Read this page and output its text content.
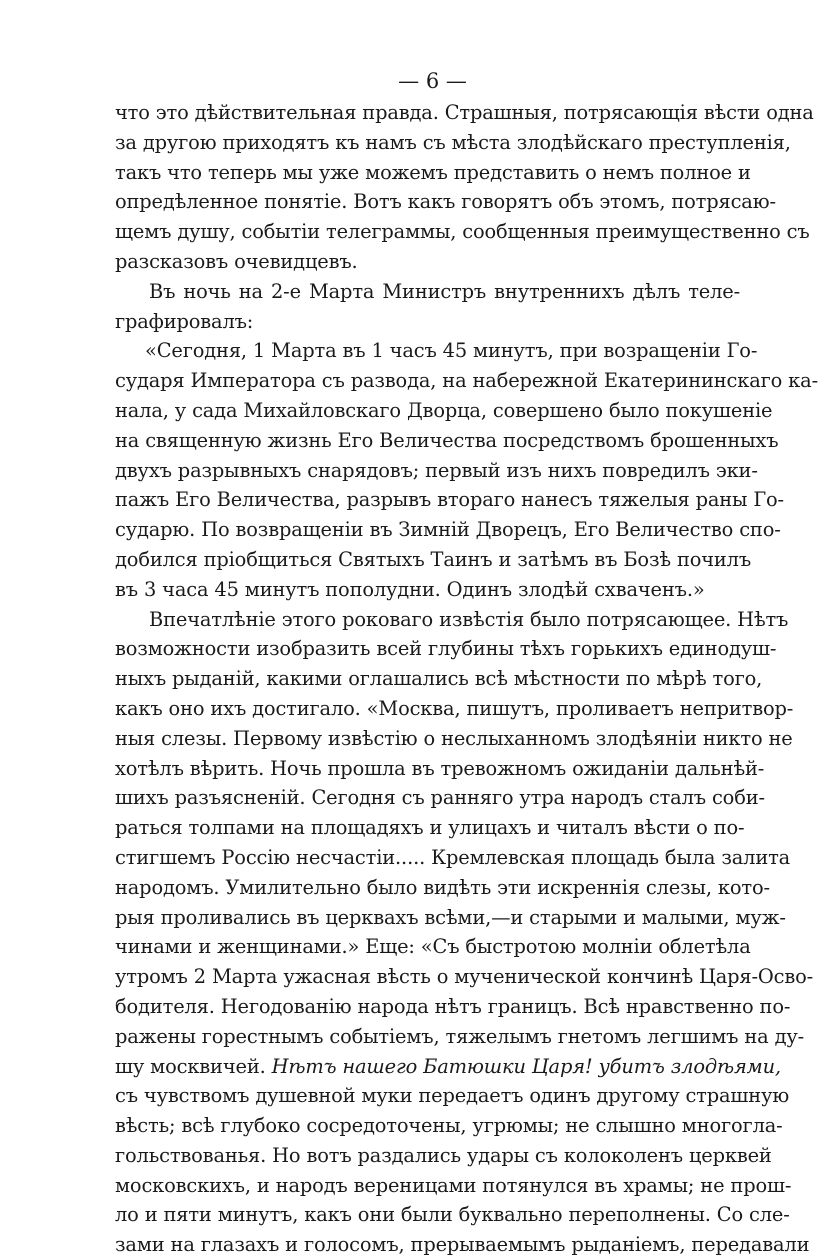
— 6 —
что это дѣйствительная правда. Страшныя, потрясающія вѣсти одна
за другою приходятъ къ намъ съ мѣста злодѣйскаго преступленія,
такъ что теперь мы уже можемъ представить о немъ полное и
опредѣленное понятіе. Вотъ какъ говорятъ объ этомъ, потрясаю-
щемъ душу, событіи телеграммы, сообщенныя преимущественно съ
разсказовъ очевидцевъ.
Въ ночь на 2-е Марта Министръ внутреннихъ дѣлъ теле-
графировалъ:
«Сегодня, 1 Марта въ 1 часъ 45 минутъ, при возращеніи Го-
сударя Императора съ развода, на набережной Екатерининскаго ка-
нала, у сада Михайловскаго Дворца, совершено было покушеніе
на священную жизнь Его Величества посредствомъ брошенныхъ
двухъ разрывныхъ снарядовъ; первый изъ нихъ повредилъ эки-
пажъ Его Величества, разрывъ втораго нанесъ тяжелыя раны Го-
сударю. По возвращеніи въ Зимній Дворецъ, Его Величество спо-
добился пріобщиться Святыхъ Таинъ и затѣмъ въ Бозѣ почилъ
въ 3 часа 45 минутъ пополудни. Одинъ злодѣй схваченъ.»
Впечатлѣніе этого роковаго извѣстія было потрясающее. Нѣтъ
возможности изобразить всей глубины тѣхъ горькихъ единодуш-
ныхъ рыданій, какими оглашались всѣ мѣстности по мѣрѣ того,
какъ оно ихъ достигало. «Москва, пишутъ, проливаетъ непритвор-
ныя слезы. Первому извѣстію о неслыханномъ злодѣяніи никто не
хотѣлъ вѣрить. Ночь прошла въ тревожномъ ожиданіи дальнѣй-
шихъ разъясненій. Сегодня съ ранняго утра народъ сталъ соби-
раться толпами на площадяхъ и улицахъ и читалъ вѣсти о по-
стигшемъ Россію несчастіи..... Кремлевская площадь была залита
народомъ. Умилительно было видѣть эти искреннія слезы, кото-
рыя проливались въ церквахъ всѣми,—и старыми и малыми, муж-
чинами и женщинами.» Еще: «Съ быстротою молніи облетѣла
утромъ 2 Марта ужасная вѣсть о мученической кончинѣ Царя-Осво-
бодителя. Негодованію народа нѣтъ границъ. Всѣ нравственно по-
ражены горестнымъ событіемъ, тяжелымъ гнетомъ легшимъ на ду-
шу москвичей. Нѣтъ нашего Батюшки Царя! убитъ злодѣями,
съ чувствомъ душевной муки передаетъ одинъ другому страшную
вѣсть; всѣ глубоко сосредоточены, угрюмы; не слышно многогла-
гольствованья. Но вотъ раздались удары съ колоколенъ церквей
московскихъ, и народъ вереницами потянулся въ храмы; не прош-
ло и пяти минутъ, какъ они были буквально переполнены. Со сле-
зами на глазахъ и голосомъ, прерываемымъ рыданіемъ, передавали
